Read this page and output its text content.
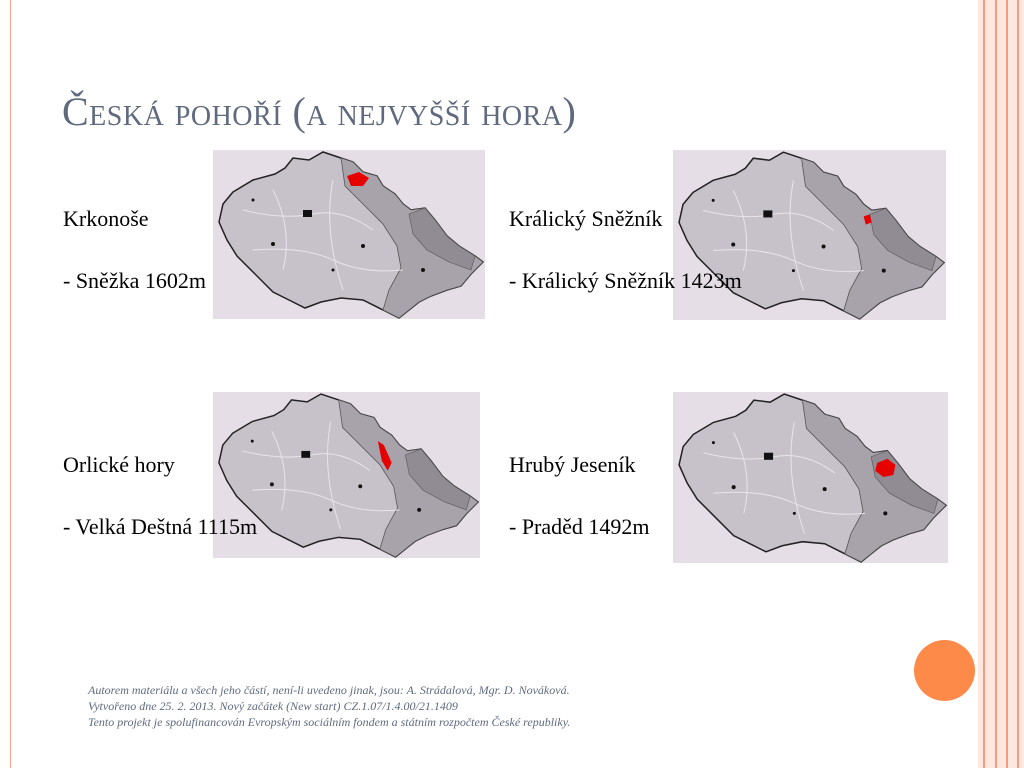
Česká pohoří (a nejvyšší hora)
Krkonoše
- Sněžka 1602m
Králický Sněžník
- Králický Sněžník 1423m
Orlické hory
- Velká Deštná 1115m
Hrubý Jeseník
- Praděd 1492m
Autorem materiálu a všech jeho částí, není-li uvedeno jinak, jsou: A. Strádalová, Mgr. D. Nováková.
Vytvořeno dne 25. 2. 2013. Nový začátek (New start) CZ.1.07/1.4.00/21.1409
Tento projekt je spolufinancován Evropským sociálním fondem a státním rozpočtem České republiky.
